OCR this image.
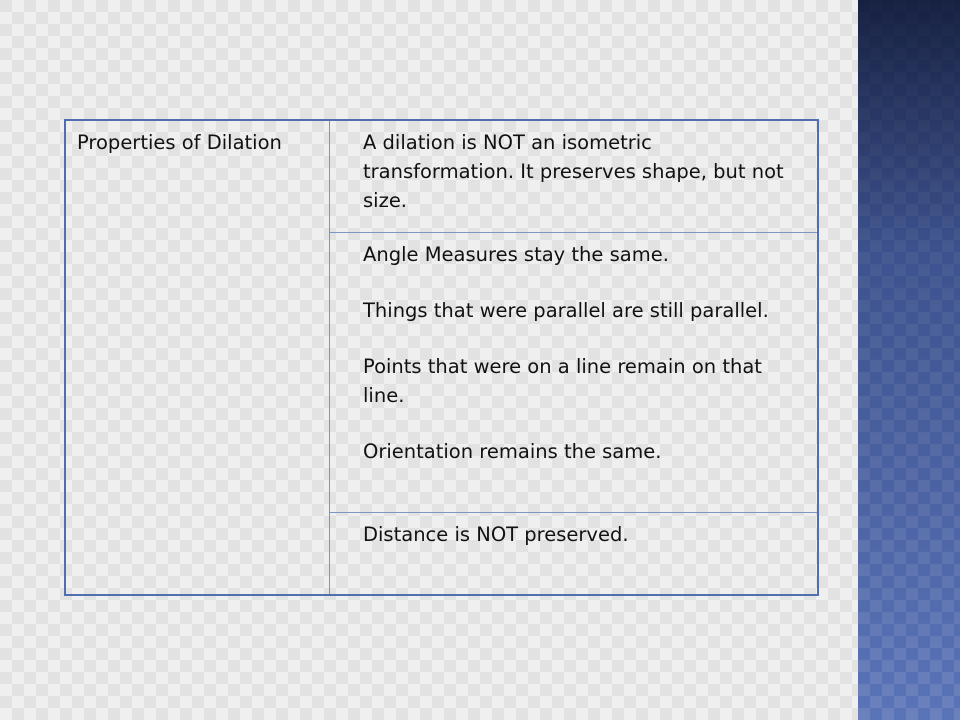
Properties of Dilation	A dilation is NOT an isometric transformation. It preserves shape, but not size.

Angle Measures stay the same.

Things that were parallel are still parallel.

Points that were on a line remain on that line.

Orientation remains the same.

Distance is NOT preserved.
